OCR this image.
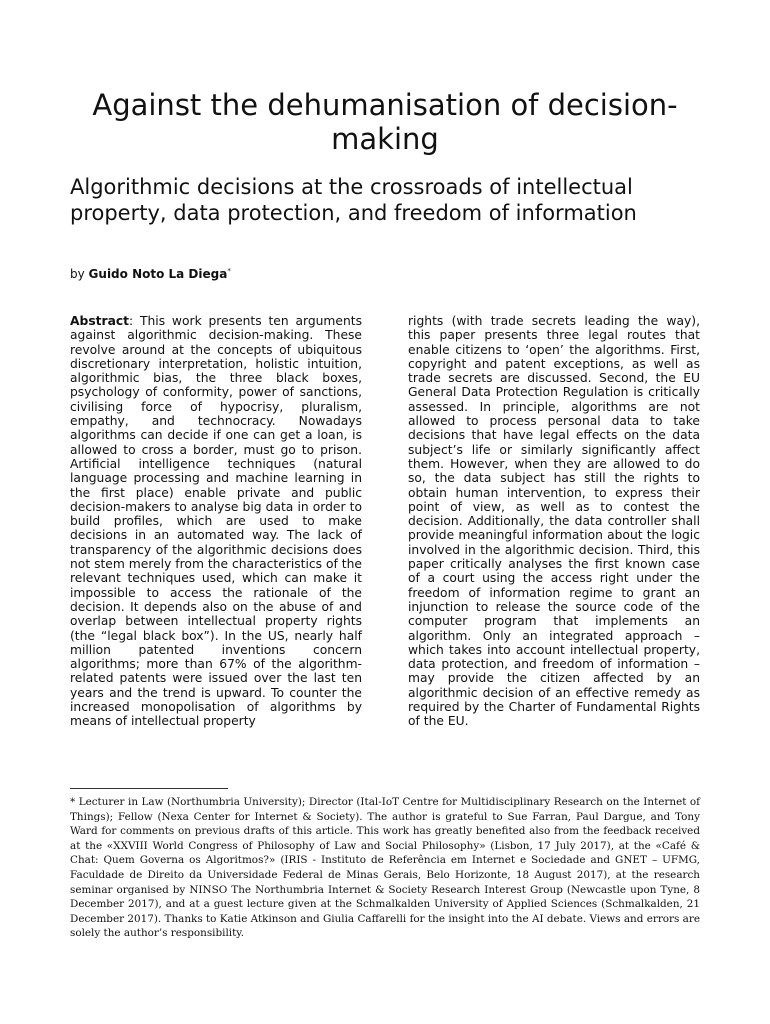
Against the dehumanisation of decision-making
Algorithmic decisions at the crossroads of intellectual property, data protection, and freedom of information
by Guido Noto La Diega*

Abstract: This work presents ten arguments against algorithmic decision-making. These revolve around at the concepts of ubiquitous discretionary interpretation, holistic intuition, algorithmic bias, the three black boxes, psychology of conformity, power of sanctions, civilising force of hypocrisy, pluralism, empathy, and technocracy. Nowadays algorithms can decide if one can get a loan, is allowed to cross a border, must go to prison. Artificial intelligence techniques (natural language processing and machine learning in the first place) enable private and public decision-makers to analyse big data in order to build profiles, which are used to make decisions in an automated way. The lack of transparency of the algorithmic decisions does not stem merely from the characteristics of the relevant techniques used, which can make it impossible to access the rationale of the decision. It depends also on the abuse of and overlap between intellectual property rights (the “legal black box”). In the US, nearly half million patented inventions concern algorithms; more than 67% of the algorithm-related patents were issued over the last ten years and the trend is upward. To counter the increased monopolisation of algorithms by means of intellectual property

rights (with trade secrets leading the way), this paper presents three legal routes that enable citizens to ‘open’ the algorithms. First, copyright and patent exceptions, as well as trade secrets are discussed. Second, the EU General Data Protection Regulation is critically assessed. In principle, algorithms are not allowed to process personal data to take decisions that have legal effects on the data subject’s life or similarly significantly affect them. However, when they are allowed to do so, the data subject has still the rights to obtain human intervention, to express their point of view, as well as to contest the decision. Additionally, the data controller shall provide meaningful information about the logic involved in the algorithmic decision. Third, this paper critically analyses the first known case of a court using the access right under the freedom of information regime to grant an injunction to release the source code of the computer program that implements an algorithm. Only an integrated approach – which takes into account intellectual property, data protection, and freedom of information – may provide the citizen affected by an algorithmic decision of an effective remedy as required by the Charter of Fundamental Rights of the EU.

* Lecturer in Law (Northumbria University); Director (Ital-IoT Centre for Multidisciplinary Research on the Internet of Things); Fellow (Nexa Center for Internet & Society). The author is grateful to Sue Farran, Paul Dargue, and Tony Ward for comments on previous drafts of this article. This work has greatly benefited also from the feedback received at the «XXVIII World Congress of Philosophy of Law and Social Philosophy» (Lisbon, 17 July 2017), at the «Café & Chat: Quem Governa os Algoritmos?» (IRIS - Instituto de Referência em Internet e Sociedade and GNET – UFMG, Faculdade de Direito da Universidade Federal de Minas Gerais, Belo Horizonte, 18 August 2017), at the research seminar organised by NINSO The Northumbria Internet & Society Research Interest Group (Newcastle upon Tyne, 8 December 2017), and at a guest lecture given at the Schmalkalden University of Applied Sciences (Schmalkalden, 21 December 2017). Thanks to Katie Atkinson and Giulia Caffarelli for the insight into the AI debate. Views and errors are solely the author’s responsibility.
